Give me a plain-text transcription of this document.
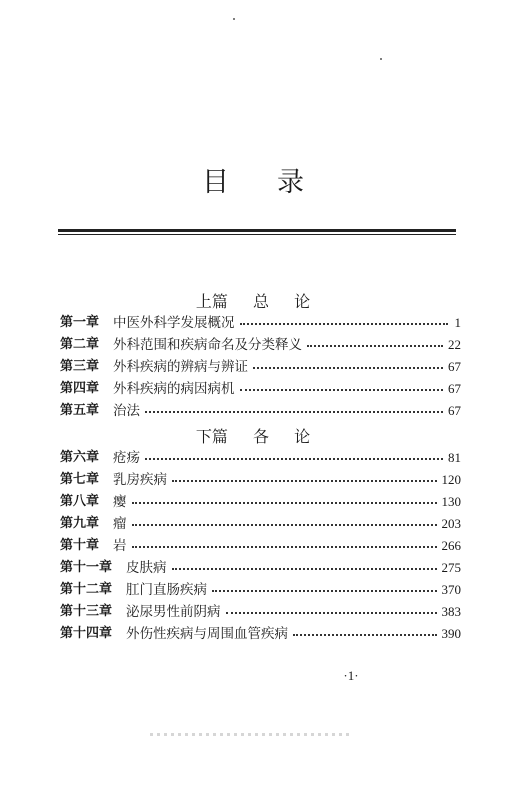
目 录
上篇 总 论
第一章 中医外科学发展概况	1
第二章 外科范围和疾病命名及分类释义	22
第三章 外科疾病的辨病与辨证	67
第四章 外科疾病的病因病机	67
第五章 治法	67
下篇 各 论
第六章 疮疡	81
第七章 乳房疾病	120
第八章 瘿	130
第九章 瘤	203
第十章 岩	266
第十一章 皮肤病	275
第十二章 肛门直肠疾病	370
第十三章 泌尿男性前阴病	383
第十四章 外伤性疾病与周围血管疾病	390
·1·
